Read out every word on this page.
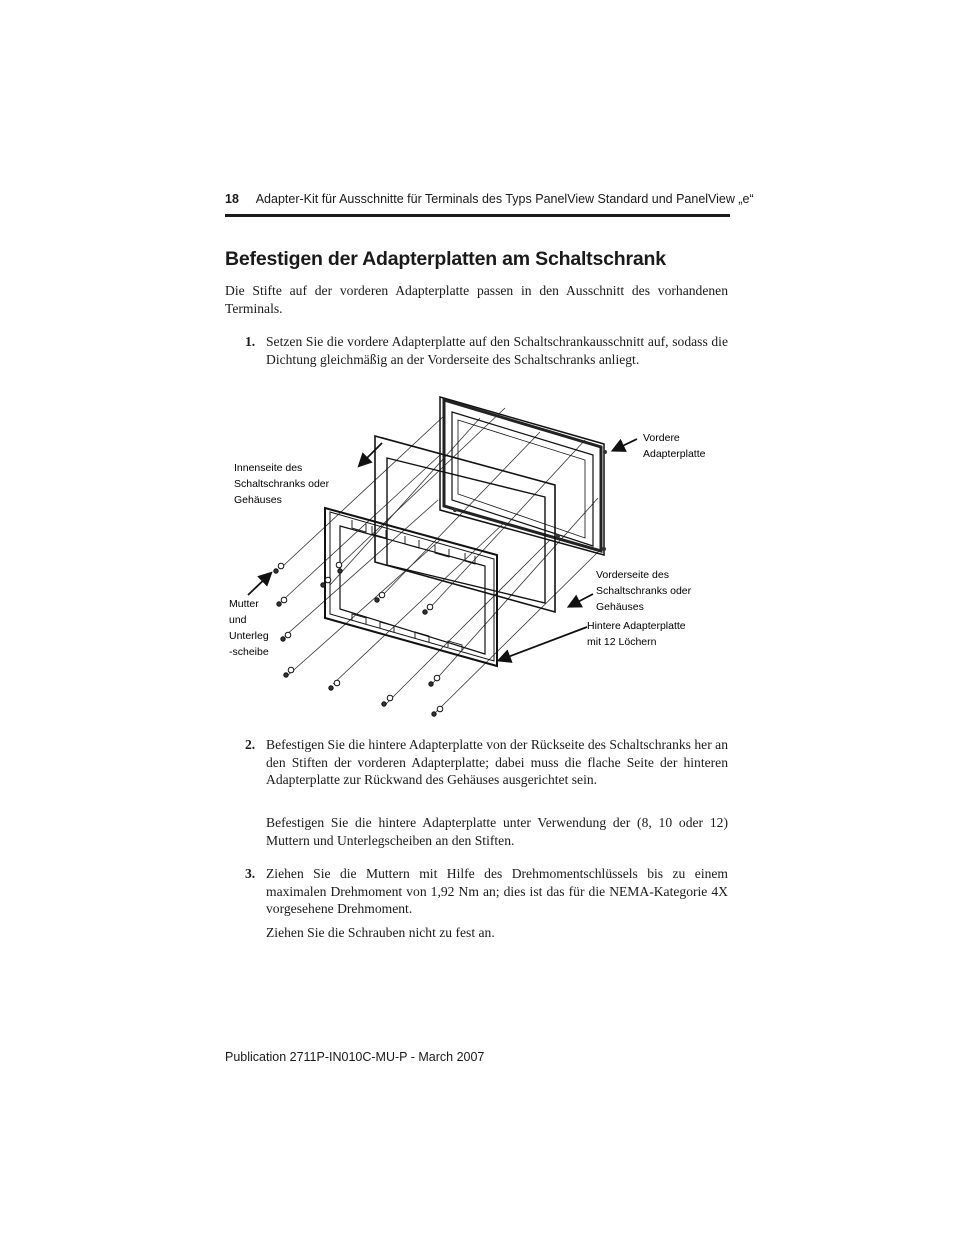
18 Adapter-Kit für Ausschnitte für Terminals des Typs PanelView Standard und PanelView „e“
Befestigen der Adapterplatten am Schaltschrank
Die Stifte auf der vorderen Adapterplatte passen in den Ausschnitt des vorhandenen Terminals.
1. Setzen Sie die vordere Adapterplatte auf den Schaltschrankausschnitt auf, sodass die Dichtung gleichmäßig an der Vorderseite des Schaltschranks anliegt.
Vordere Adapterplatte
Innenseite des Schaltschranks oder Gehäuses
Vorderseite des Schaltschranks oder Gehäuses
Hintere Adapterplatte mit 12 Löchern
Mutter und Unterleg -scheibe
2. Befestigen Sie die hintere Adapterplatte von der Rückseite des Schaltschranks her an den Stiften der vorderen Adapterplatte; dabei muss die flache Seite der hinteren Adapterplatte zur Rückwand des Gehäuses ausgerichtet sein.
Befestigen Sie die hintere Adapterplatte unter Verwendung der (8, 10 oder 12) Muttern und Unterlegscheiben an den Stiften.
3. Ziehen Sie die Muttern mit Hilfe des Drehmomentschlüssels bis zu einem maximalen Drehmoment von 1,92 Nm an; dies ist das für die NEMA-Kategorie 4X vorgesehene Drehmoment.
Ziehen Sie die Schrauben nicht zu fest an.
Publication 2711P-IN010C-MU-P - March 2007
